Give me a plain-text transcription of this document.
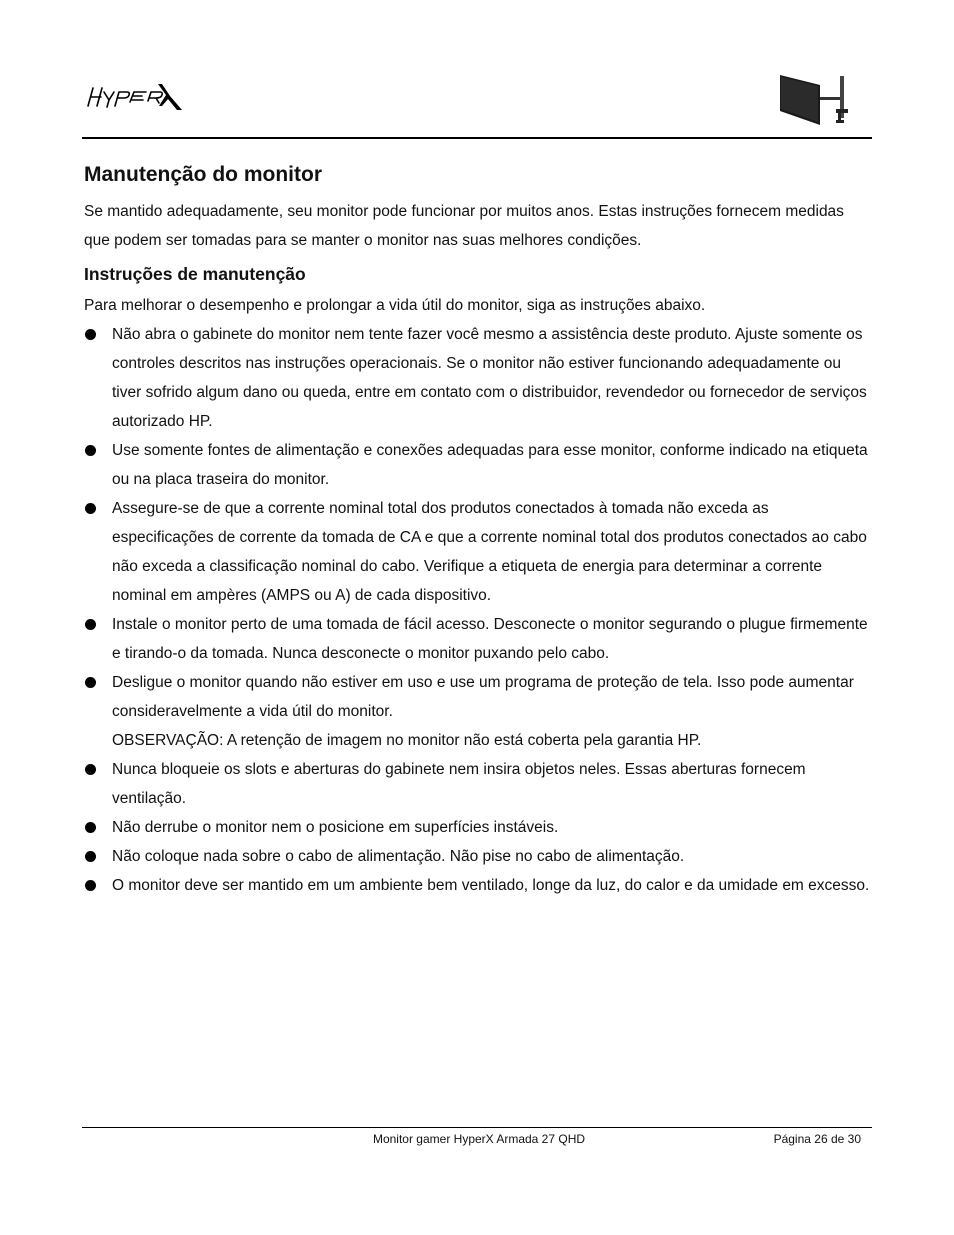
Manutenção do monitor

Se mantido adequadamente, seu monitor pode funcionar por muitos anos. Estas instruções fornecem medidas que podem ser tomadas para se manter o monitor nas suas melhores condições.

Instruções de manutenção

Para melhorar o desempenho e prolongar a vida útil do monitor, siga as instruções abaixo.

Não abra o gabinete do monitor nem tente fazer você mesmo a assistência deste produto. Ajuste somente os controles descritos nas instruções operacionais. Se o monitor não estiver funcionando adequadamente ou tiver sofrido algum dano ou queda, entre em contato com o distribuidor, revendedor ou fornecedor de serviços autorizado HP.
Use somente fontes de alimentação e conexões adequadas para esse monitor, conforme indicado na etiqueta ou na placa traseira do monitor.
Assegure-se de que a corrente nominal total dos produtos conectados à tomada não exceda as especificações de corrente da tomada de CA e que a corrente nominal total dos produtos conectados ao cabo não exceda a classificação nominal do cabo. Verifique a etiqueta de energia para determinar a corrente nominal em ampères (AMPS ou A) de cada dispositivo.
Instale o monitor perto de uma tomada de fácil acesso. Desconecte o monitor segurando o plugue firmemente e tirando-o da tomada. Nunca desconecte o monitor puxando pelo cabo.
Desligue o monitor quando não estiver em uso e use um programa de proteção de tela. Isso pode aumentar consideravelmente a vida útil do monitor.
OBSERVAÇÃO: A retenção de imagem no monitor não está coberta pela garantia HP.
Nunca bloqueie os slots e aberturas do gabinete nem insira objetos neles. Essas aberturas fornecem ventilação.
Não derrube o monitor nem o posicione em superfícies instáveis.
Não coloque nada sobre o cabo de alimentação. Não pise no cabo de alimentação.
O monitor deve ser mantido em um ambiente bem ventilado, longe da luz, do calor e da umidade em excesso.
Monitor gamer HyperX Armada 27 QHD	Página 26 de 30
